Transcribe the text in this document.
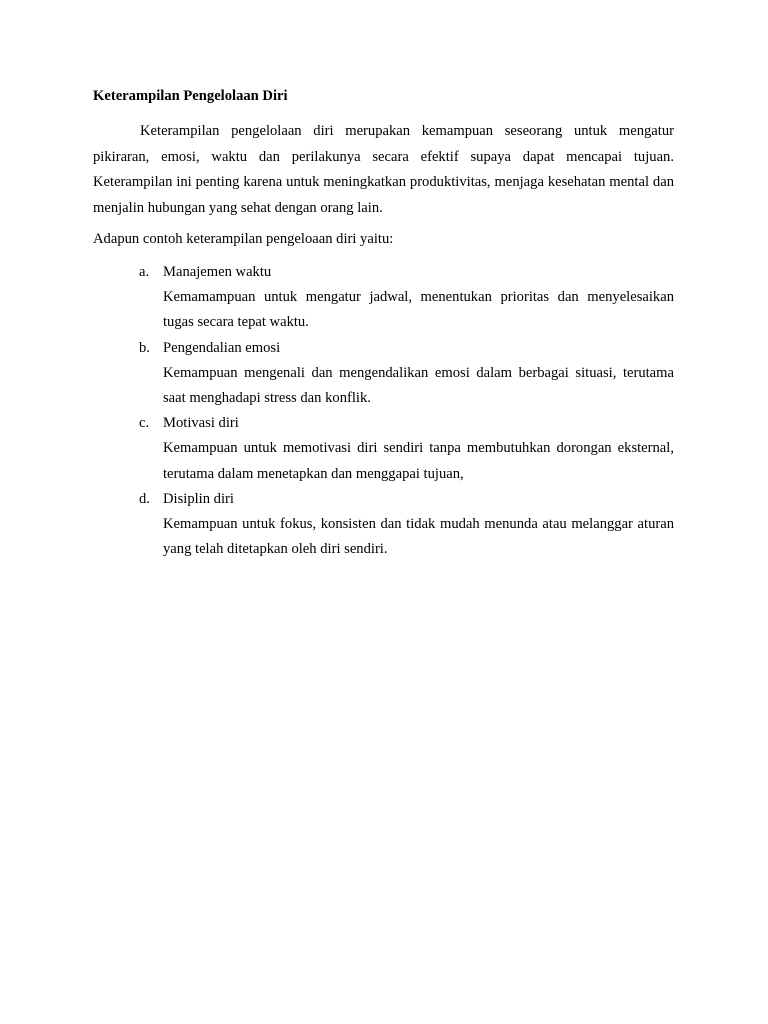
Keterampilan Pengelolaan Diri

Keterampilan pengelolaan diri merupakan kemampuan seseorang untuk mengatur pikiraran, emosi, waktu dan perilakunya secara efektif supaya dapat mencapai tujuan. Keterampilan ini penting karena untuk meningkatkan produktivitas, menjaga kesehatan mental dan menjalin hubungan yang sehat dengan orang lain.

Adapun contoh keterampilan pengeloaan diri yaitu:
a. Manajemen waktu
Kemamampuan untuk mengatur jadwal, menentukan prioritas dan menyelesaikan tugas secara tepat waktu.
b. Pengendalian emosi
Kemampuan mengenali dan mengendalikan emosi dalam berbagai situasi, terutama saat menghadapi stress dan konflik.
c. Motivasi diri
Kemampuan untuk memotivasi diri sendiri tanpa membutuhkan dorongan eksternal, terutama dalam menetapkan dan menggapai tujuan,
d. Disiplin diri
Kemampuan untuk fokus, konsisten dan tidak mudah menunda atau melanggar aturan yang telah ditetapkan oleh diri sendiri.
